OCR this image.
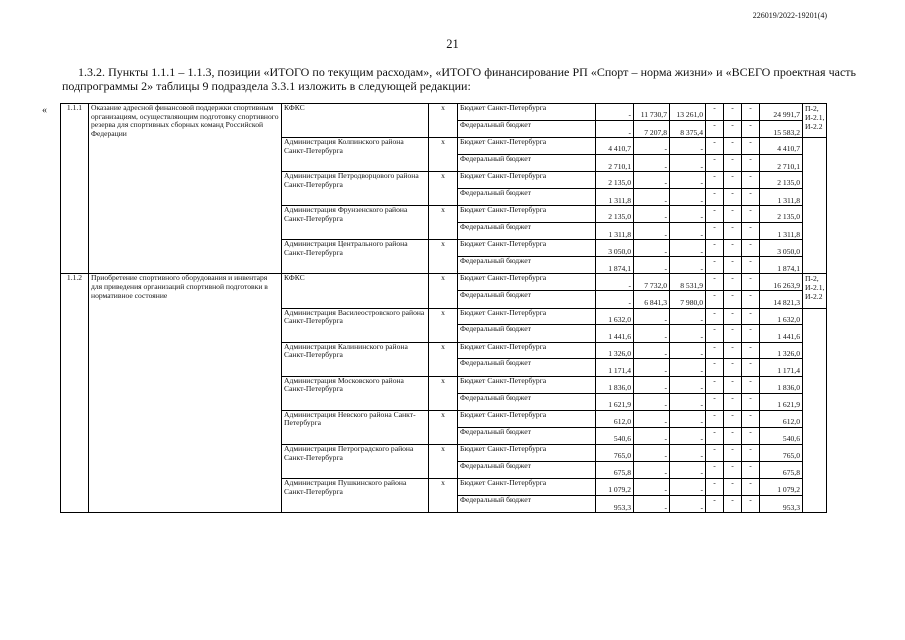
226019/2022-19201(4)
21
1.3.2. Пункты 1.1.1 – 1.1.3, позиции «ИТОГО по текущим расходам», «ИТОГО финансирование РП «Спорт – норма жизни» и «ВСЕГО проектная часть подпрограммы 2» таблицы 9 подраздела 3.3.1 изложить в следующей редакции:
«	1.1.1	Оказание адресной финансовой поддержки спортивным организациям, осуществляющим подготовку спортивного резерва для спортивных сборных команд Российской Федерации	КФКС	x	Бюджет Санкт-Петербурга	-	11 730,7	13 261,0	-	-	-	24 991,7	П-2, И-2.1, И-2.2
				Федеральный бюджет	-	7 207,8	8 375,4	-	-	-	15 583,2	
		Администрация Колпинского района Санкт-Петербурга	x	Бюджет Санкт-Петербурга	4 410,7	-	-	-	-	-	4 410,7	
				Федеральный бюджет	2 710,1	-	-	-	-	-	2 710,1	
		Администрация Петродворцового района Санкт-Петербурга	x	Бюджет Санкт-Петербурга	2 135,0	-	-	-	-	-	2 135,0	
				Федеральный бюджет	1 311,8	-	-	-	-	-	1 311,8	
		Администрация Фрунзенского района Санкт-Петербурга	x	Бюджет Санкт-Петербурга	2 135,0	-	-	-	-	-	2 135,0	
				Федеральный бюджет	1 311,8	-	-	-	-	-	1 311,8	
		Администрация Центрального района Санкт-Петербурга	x	Бюджет Санкт-Петербурга	3 050,0	-	-	-	-	-	3 050,0	
				Федеральный бюджет	1 874,1	-	-	-	-	-	1 874,1	
1.1.2	Приобретение спортивного оборудования и инвентаря для приведения организаций спортивной подготовки в нормативное состояние	КФКС	x	Бюджет Санкт-Петербурга	-	7 732,0	8 531,9	-	-	-	16 263,9	П-2, И-2.1, И-2.2
				Федеральный бюджет	-	6 841,3	7 980,0	-	-	-	14 821,3	
		Администрация Василеостровского района Санкт-Петербурга	x	Бюджет Санкт-Петербурга	1 632,0	-	-	-	-	-	1 632,0	
				Федеральный бюджет	1 441,6	-	-	-	-	-	1 441,6	
		Администрация Калининского района Санкт-Петербурга	x	Бюджет Санкт-Петербурга	1 326,0	-	-	-	-	-	1 326,0	
				Федеральный бюджет	1 171,4	-	-	-	-	-	1 171,4	
		Администрация Московского района Санкт-Петербурга	x	Бюджет Санкт-Петербурга	1 836,0	-	-	-	-	-	1 836,0	
				Федеральный бюджет	1 621,9	-	-	-	-	-	1 621,9	
		Администрация Невского района Санкт-Петербурга	x	Бюджет Санкт-Петербурга	612,0	-	-	-	-	-	612,0	
				Федеральный бюджет	540,6	-	-	-	-	-	540,6	
		Администрация Петроградского района Санкт-Петербурга	x	Бюджет Санкт-Петербурга	765,0	-	-	-	-	-	765,0	
				Федеральный бюджет	675,8	-	-	-	-	-	675,8	
		Администрация Пушкинского района Санкт-Петербурга	x	Бюджет Санкт-Петербурга	1 079,2	-	-	-	-	-	1 079,2	
				Федеральный бюджет	953,3	-	-	-	-	-	953,3	
